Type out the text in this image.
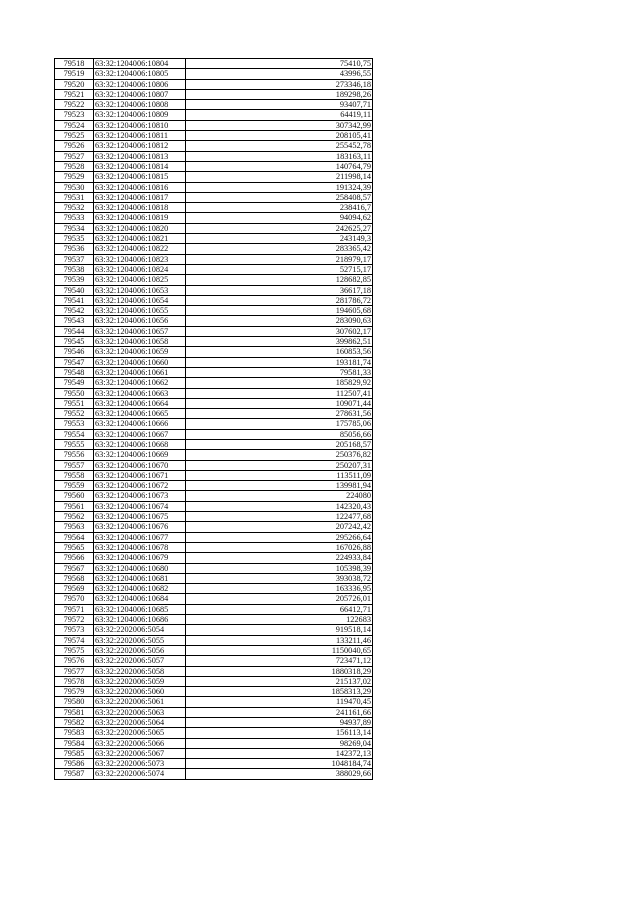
79518	63:32:1204006:10804	75410,75
79519	63:32:1204006:10805	43996,55
79520	63:32:1204006:10806	273346,18
79521	63:32:1204006:10807	189298,26
79522	63:32:1204006:10808	93407,71
79523	63:32:1204006:10809	64419,11
79524	63:32:1204006:10810	307342,99
79525	63:32:1204006:10811	208105,41
79526	63:32:1204006:10812	255452,78
79527	63:32:1204006:10813	183163,11
79528	63:32:1204006:10814	140764,79
79529	63:32:1204006:10815	211998,14
79530	63:32:1204006:10816	191324,39
79531	63:32:1204006:10817	258408,57
79532	63:32:1204006:10818	238416,7
79533	63:32:1204006:10819	94094,62
79534	63:32:1204006:10820	242625,27
79535	63:32:1204006:10821	243149,3
79536	63:32:1204006:10822	283365,42
79537	63:32:1204006:10823	218979,17
79538	63:32:1204006:10824	52715,17
79539	63:32:1204006:10825	128682,85
79540	63:32:1204006:10653	36617,18
79541	63:32:1204006:10654	281786,72
79542	63:32:1204006:10655	194605,68
79543	63:32:1204006:10656	283090,63
79544	63:32:1204006:10657	307602,17
79545	63:32:1204006:10658	399862,51
79546	63:32:1204006:10659	160853,56
79547	63:32:1204006:10660	193181,74
79548	63:32:1204006:10661	79581,33
79549	63:32:1204006:10662	185829,92
79550	63:32:1204006:10663	112507,41
79551	63:32:1204006:10664	109071,44
79552	63:32:1204006:10665	278631,56
79553	63:32:1204006:10666	175785,06
79554	63:32:1204006:10667	85056,66
79555	63:32:1204006:10668	205168,57
79556	63:32:1204006:10669	250376,82
79557	63:32:1204006:10670	250207,31
79558	63:32:1204006:10671	113511,09
79559	63:32:1204006:10672	139981,94
79560	63:32:1204006:10673	224080
79561	63:32:1204006:10674	142320,43
79562	63:32:1204006:10675	122477,68
79563	63:32:1204006:10676	207242,42
79564	63:32:1204006:10677	295266,64
79565	63:32:1204006:10678	167026,88
79566	63:32:1204006:10679	224933,84
79567	63:32:1204006:10680	105398,39
79568	63:32:1204006:10681	393038,72
79569	63:32:1204006:10682	163336,95
79570	63:32:1204006:10684	205726,01
79571	63:32:1204006:10685	66412,71
79572	63:32:1204006:10686	122683
79573	63:32:2202006:5054	919518,14
79574	63:32:2202006:5055	133211,46
79575	63:32:2202006:5056	1150040,65
79576	63:32:2202006:5057	723471,12
79577	63:32:2202006:5058	1880318,29
79578	63:32:2202006:5059	215137,02
79579	63:32:2202006:5060	1858313,29
79580	63:32:2202006:5061	119470,45
79581	63:32:2202006:5063	241161,66
79582	63:32:2202006:5064	94937,89
79583	63:32:2202006:5065	156113,14
79584	63:32:2202006:5066	98269,04
79585	63:32:2202006:5067	142372,13
79586	63:32:2202006:5073	1048184,74
79587	63:32:2202006:5074	388029,66
